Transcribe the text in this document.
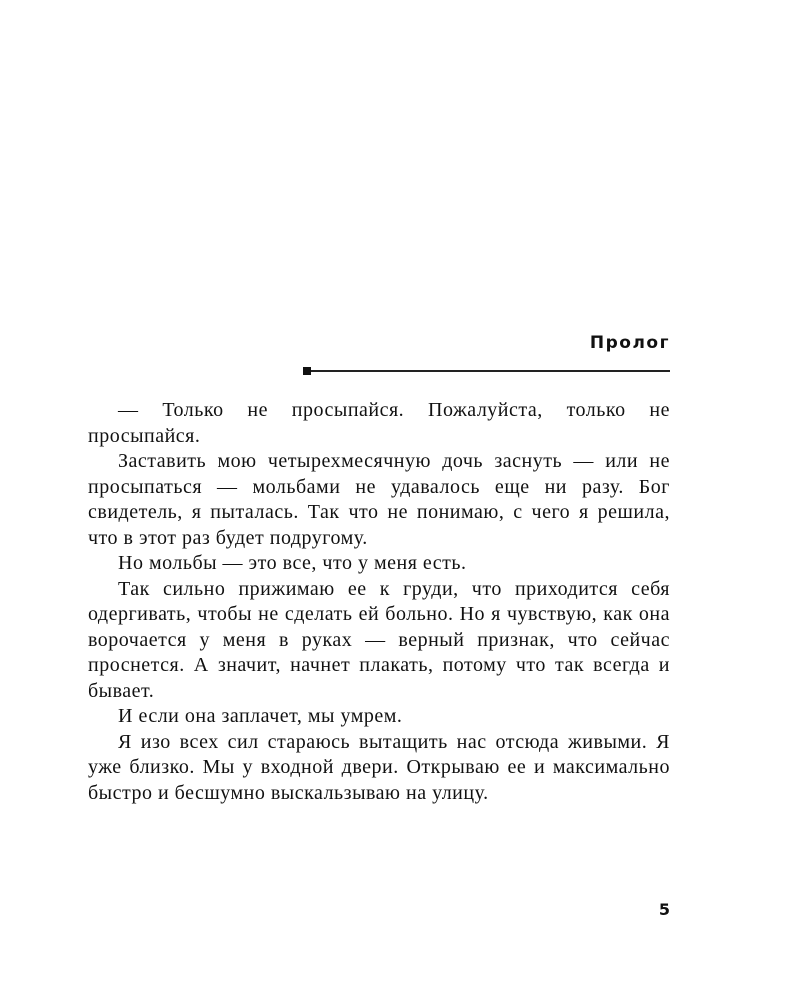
Пролог

— Только не просыпайся. Пожалуйста, только не просыпайся.

Заставить мою четырехмесячную дочь заснуть — или не просыпаться — мольбами не удавалось еще ни разу. Бог свидетель, я пыталась. Так что не понимаю, с чего я решила, что в этот раз будет подругому.

Но мольбы — это все, что у меня есть.

Так сильно прижимаю ее к груди, что приходится себя одергивать, чтобы не сделать ей больно. Но я чувствую, как она ворочается у меня в руках — верный признак, что сейчас проснется. А значит, начнет плакать, потому что так всегда и бывает.

И если она заплачет, мы умрем.

Я изо всех сил стараюсь вытащить нас отсюда живыми. Я уже близко. Мы у входной двери. Открываю ее и максимально быстро и бесшумно выскальзываю на улицу.

5
